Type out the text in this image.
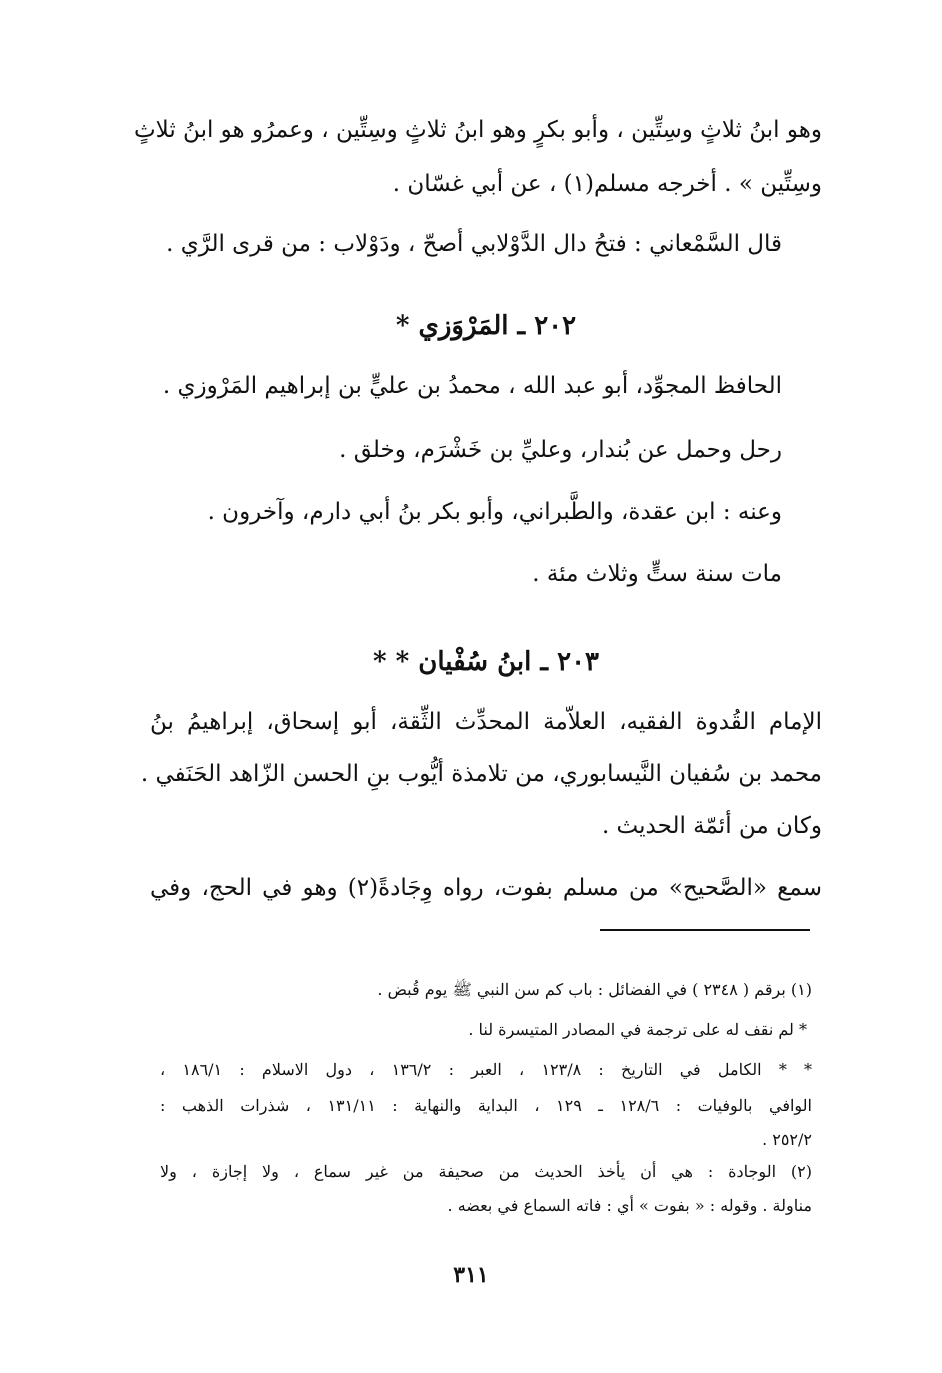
وهو ابنُ ثلاثٍ وسِتِّين ، وأبو بكرٍ وهو ابنُ ثلاثٍ وسِتِّين ، وعمرُو هو ابنُ ثلاثٍ
وسِتِّين » . أخرجه مسلم(١) ، عن أبي غسّان .
قال السَّمْعاني : فتحُ دال الدَّوْلابي أصحّ ، ودَوْلاب : من قرى الرَّي .
٢٠٢ ـ المَرْوَزي *
الحافظ المجوِّد، أبو عبد الله ، محمدُ بن عليٍّ بن إبراهيم المَرْوزي .
رحل وحمل عن بُندار، وعليِّ بن خَشْرَم، وخلق .
وعنه : ابن عقدة، والطَّبراني، وأبو بكر بنُ أبي دارم، وآخرون .
مات سنة ستٍّ وثلاث مئة .
٢٠٣ ـ ابنُ سُفْيان * *
الإمام القُدوة الفقيه، العلاّمة المحدِّث الثِّقة، أبو إسحاق، إبراهيمُ بنُ
محمد بن سُفيان النَّيسابوري، من تلامذة أيُّوب بنِ الحسن الزّاهد الحَنَفي .
وكان من أئمّة الحديث .
سمع «الصَّحيح» من مسلم بفوت، رواه وِجَادةً(٢) وهو في الحج، وفي
(١) برقم ( ٢٣٤٨ ) في الفضائل : باب كم سن النبي ﷺ يوم قُبض .
* لم نقف له على ترجمة في المصادر المتيسرة لنا .
* * الكامل في التاريخ : ١٢٣/٨ ، العبر : ١٣٦/٢ ، دول الاسلام : ١٨٦/١ ،
الوافي بالوفيات : ١٢٨/٦ ـ ١٢٩ ، البداية والنهاية : ١٣١/١١ ، شذرات الذهب :
٢٥٢/٢ .
(٢) الوجادة : هي أن يأخذ الحديث من صحيفة من غير سماع ، ولا إجازة ، ولا
مناولة . وقوله : « بفوت » أي : فاته السماع في بعضه .
٣١١
